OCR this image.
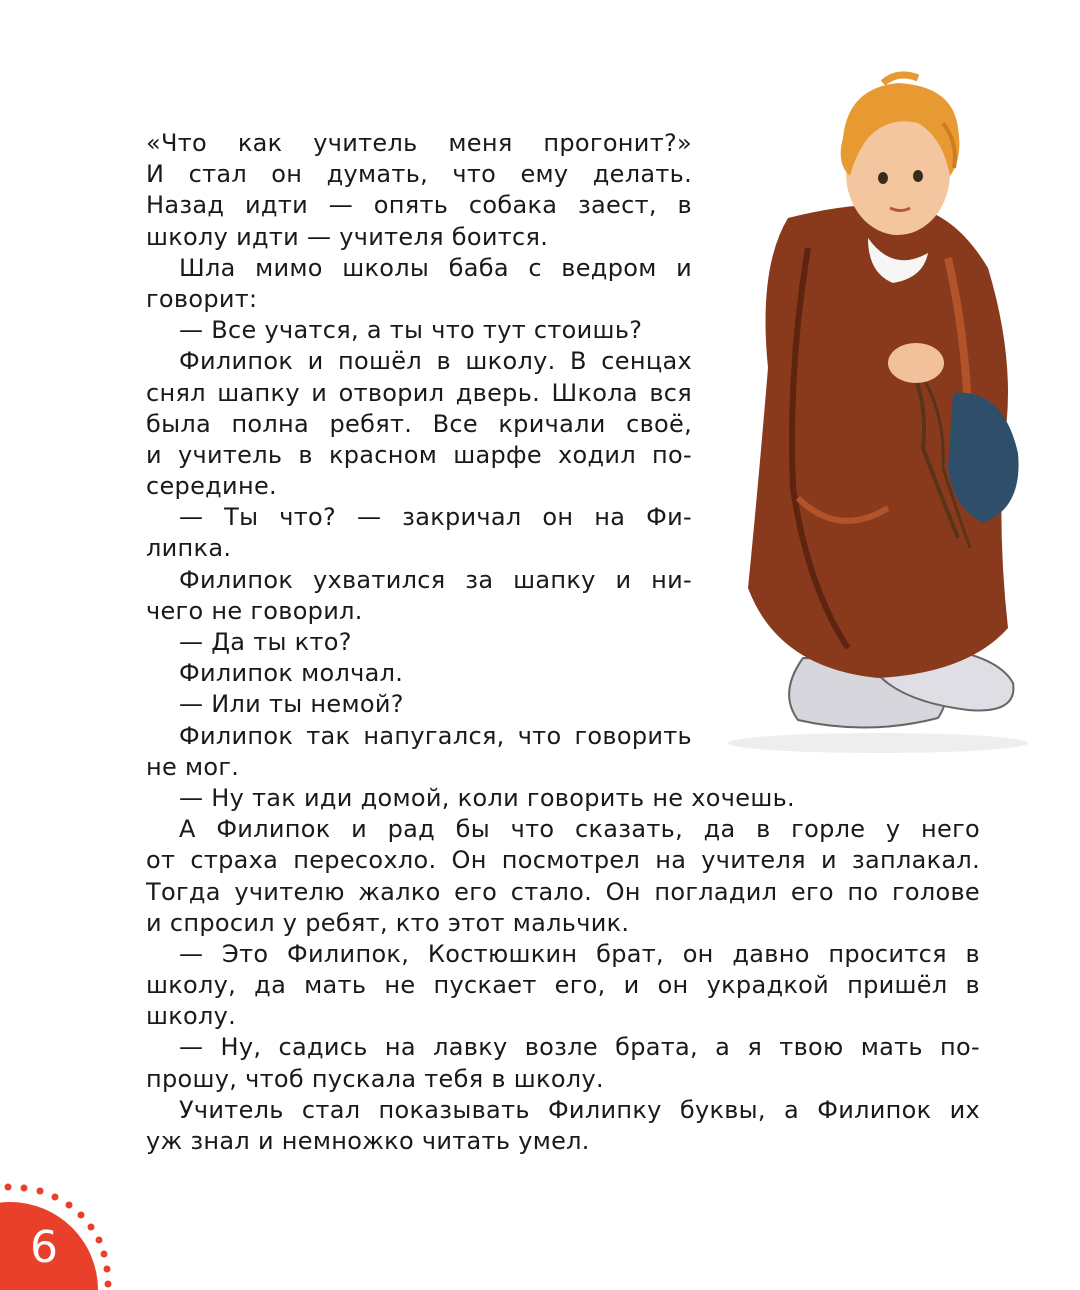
«Что как учитель меня прогонит?»
И стал он думать, что ему делать.
Назад идти — опять собака заест, в
школу идти — учителя боится.
Шла мимо школы баба с ведром и
говорит:
— Все учатся, а ты что тут стоишь?
Филипок и пошёл в школу. В сенцах
снял шапку и отворил дверь. Школа вся
была полна ребят. Все кричали своё,
и учитель в красном шарфе ходил по-
середине.
— Ты что? — закричал он на Фи-
липка.
Филипок ухватился за шапку и ни-
чего не говорил.
— Да ты кто?
Филипок молчал.
— Или ты немой?
Филипок так напугался, что говорить
не мог.
— Ну так иди домой, коли говорить не хочешь.
А Филипок и рад бы что сказать, да в горле у него
от страха пересохло. Он посмотрел на учителя и заплакал.
Тогда учителю жалко его стало. Он погладил его по голове
и спросил у ребят, кто этот мальчик.
— Это Филипок, Костюшкин брат, он давно просится в
школу, да мать не пускает его, и он украдкой пришёл в
школу.
— Ну, садись на лавку возле брата, а я твою мать по-
прошу, чтоб пускала тебя в школу.
Учитель стал показывать Филипку буквы, а Филипок их
уж знал и немножко читать умел.
6
